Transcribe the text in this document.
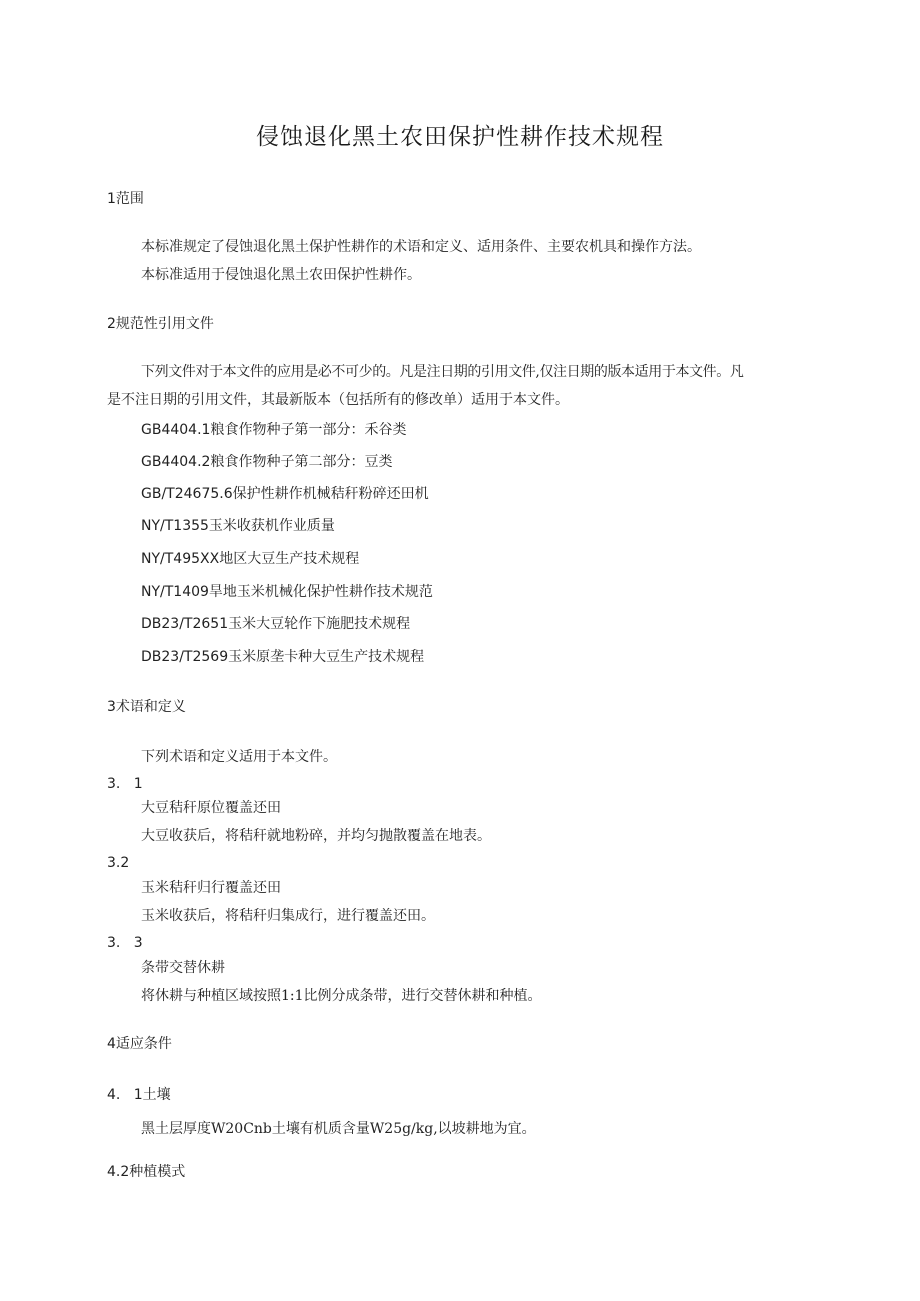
侵蚀退化黑土农田保护性耕作技术规程
1范围
本标准规定了侵蚀退化黑土保护性耕作的术语和定义、适用条件、主要农机具和操作方法。
本标准适用于侵蚀退化黑土农田保护性耕作。
2规范性引用文件
下列文件对于本文件的应用是必不可少的。凡是注日期的引用文件,仅注日期的版本适用于本文件。凡
是不注日期的引用文件，其最新版本（包括所有的修改单）适用于本文件。
GB4404.1粮食作物种子第一部分：禾谷类
GB4404.2粮食作物种子第二部分：豆类
GB/T24675.6保护性耕作机械秸秆粉碎还田机
NY/T1355玉米收获机作业质量
NY/T495XX地区大豆生产技术规程
NY/T1409旱地玉米机械化保护性耕作技术规范
DB23/T2651玉米大豆轮作下施肥技术规程
DB23/T2569玉米原垄卡种大豆生产技术规程
3术语和定义
下列术语和定义适用于本文件。
3.   1
大豆秸秆原位覆盖还田
大豆收获后，将秸秆就地粉碎，并均匀抛散覆盖在地表。
3.2
玉米秸秆归行覆盖还田
玉米收获后，将秸秆归集成行，进行覆盖还田。
3.   3
条带交替休耕
将休耕与种植区域按照1:1比例分成条带，进行交替休耕和种植。
4适应条件
4.   1土壤
黑土层厚度W20Cnb土壤有机质含量W25g∕kg,以坡耕地为宜。
4.2种植模式
